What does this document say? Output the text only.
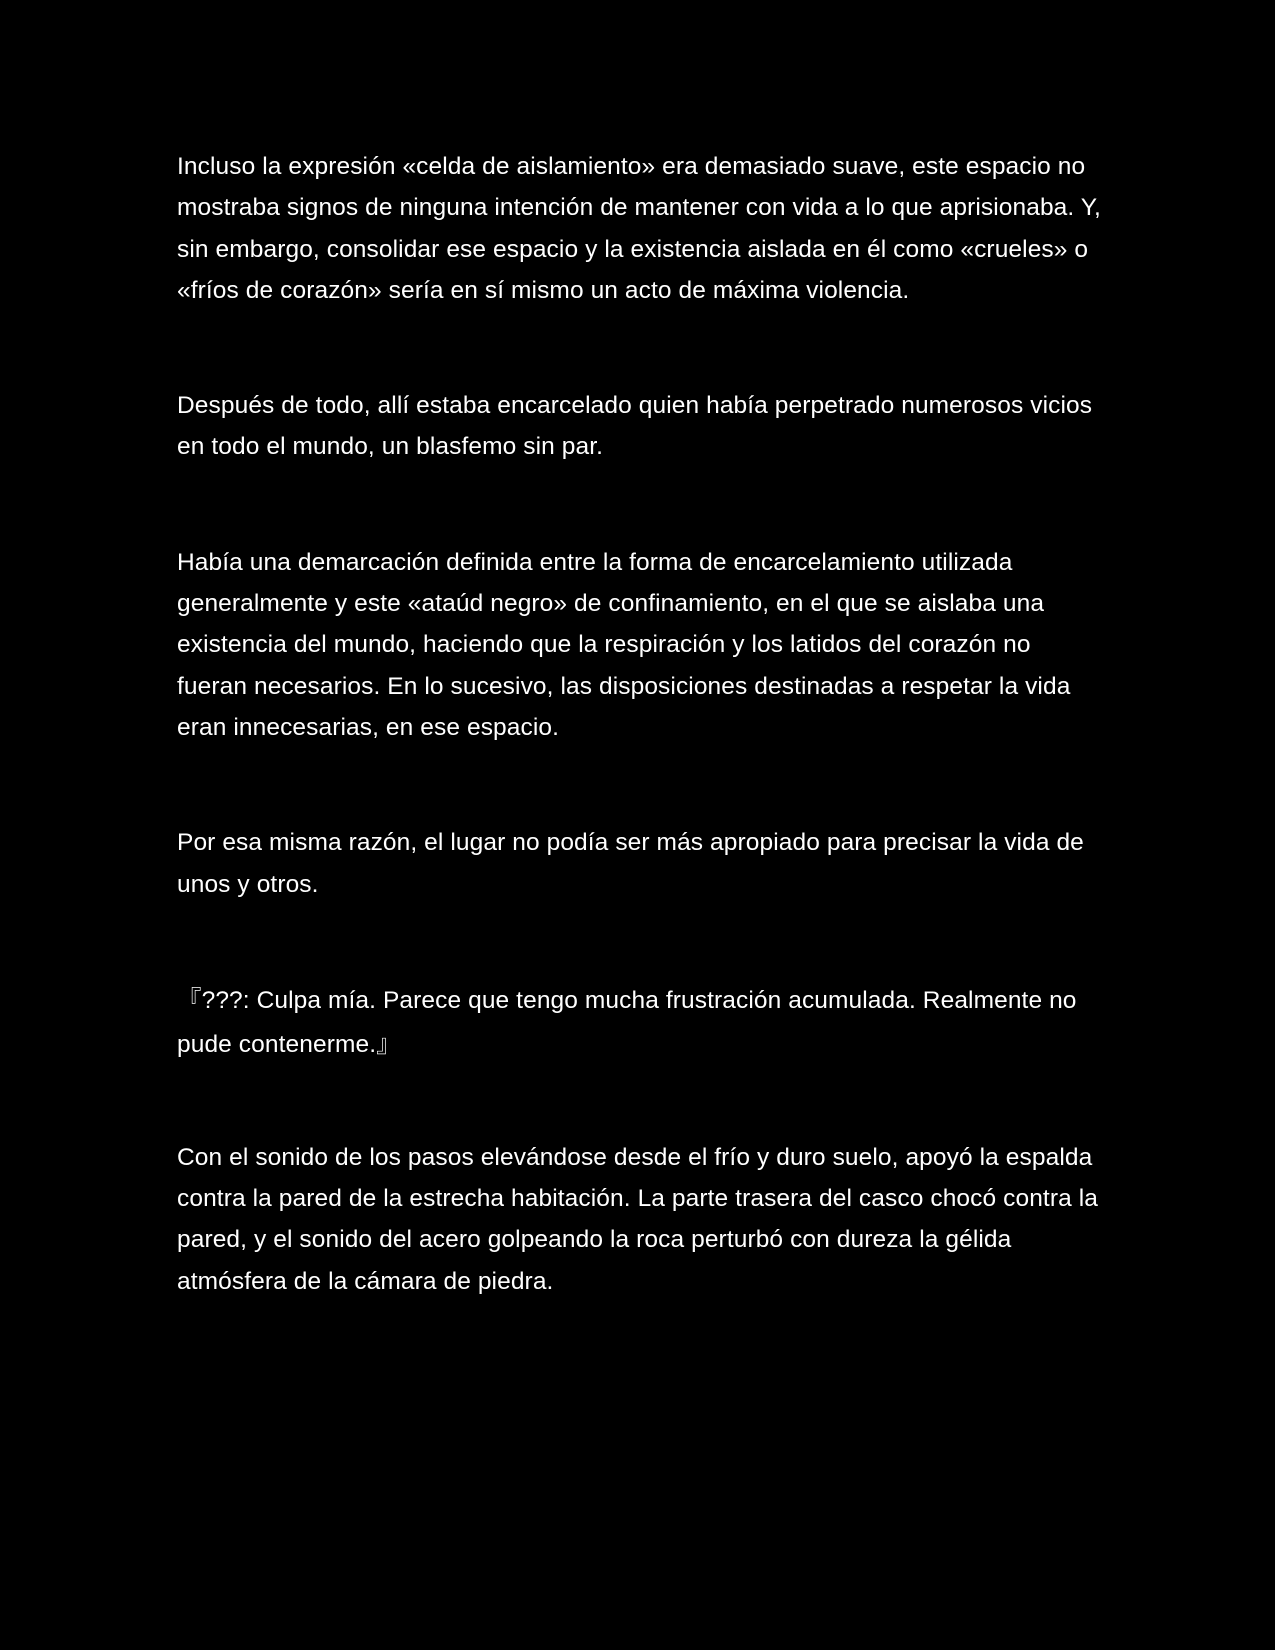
Incluso la expresión «celda de aislamiento» era demasiado suave, este espacio no mostraba signos de ninguna intención de mantener con vida a lo que aprisionaba. Y, sin embargo, consolidar ese espacio y la existencia aislada en él como «crueles» o «fríos de corazón» sería en sí mismo un acto de máxima violencia.

Después de todo, allí estaba encarcelado quien había perpetrado numerosos vicios en todo el mundo, un blasfemo sin par.

Había una demarcación definida entre la forma de encarcelamiento utilizada generalmente y este «ataúd negro» de confinamiento, en el que se aislaba una existencia del mundo, haciendo que la respiración y los latidos del corazón no fueran necesarios. En lo sucesivo, las disposiciones destinadas a respetar la vida eran innecesarias, en ese espacio.

Por esa misma razón, el lugar no podía ser más apropiado para precisar la vida de unos y otros.

『???: Culpa mía. Parece que tengo mucha frustración acumulada. Realmente no pude contenerme.』

Con el sonido de los pasos elevándose desde el frío y duro suelo, apoyó la espalda contra la pared de la estrecha habitación. La parte trasera del casco chocó contra la pared, y el sonido del acero golpeando la roca perturbó con dureza la gélida atmósfera de la cámara de piedra.
